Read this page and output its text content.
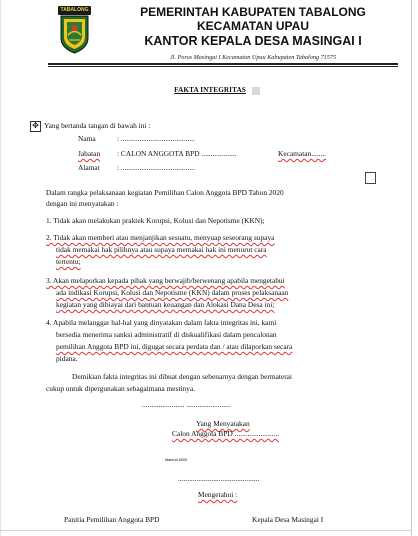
TABALONG	PEMERINTAH KABUPATEN TABALONG
KECAMATAN UPAU
KANTOR KEPALA DESA MASINGAI I
Jl. Poros Masingai I Kecamatan Upau Kabupaten Tabalong 71575
FAKTA INTEGRITAS
✥ Yang bertanda tangan di bawah ini :
Nama	: ........................................
Jabatan : CALON ANGGOTA BPD ...................	Kecamatan........
Alamat : ........................................
Dalam rangka pelaksanaan kegiatan Pemilihan Calon Anggota BPD Tahun 2020
dengan ini menyatakan :
1. Tidak akan melakukan praktek Korupsi, Kolusi dan Nepotisme (KKN);
2. Tidak akan memberi atau menjanjikan sesuatu, menyuap seseorang supaya
tidak memakai hak pilihnya atau supaya memakai hak ini menurut cara
tertentu;
3. Akan melaporkan kepada pihak yang berwajib/berwenang apabila mengetahui
ada indikasi Korupsi, Kolusi dan Nepotisme (KKN) dalam proses pelaksanaan
kegiatan yang dibiayai dari bantuan keuangan dan Alokasi Dana Desa ini;
4. Apabila melanggar hal-hal yang dinyatakan dalam fakta integritas ini, kami
bersedia menerima sanksi administratif di diskualifikasi dalam pencalonan
pemilihan Anggota BPD ini, digugat secara perdata dan / atau dilaporkan secara
pidana.
Demikian fakta integritas ini dibuat dengan sebenarnya dengan bermaterai
cukup untuk dipergunakan sebagaimana mestinya.
....................... ........................
Yang Menyatakan
Calon Anggota BPD ........................
Materai 6000
............................................
Mengetahui :
Panitia Pemilihan Anggota BPD	Kepala Desa Masingai I
